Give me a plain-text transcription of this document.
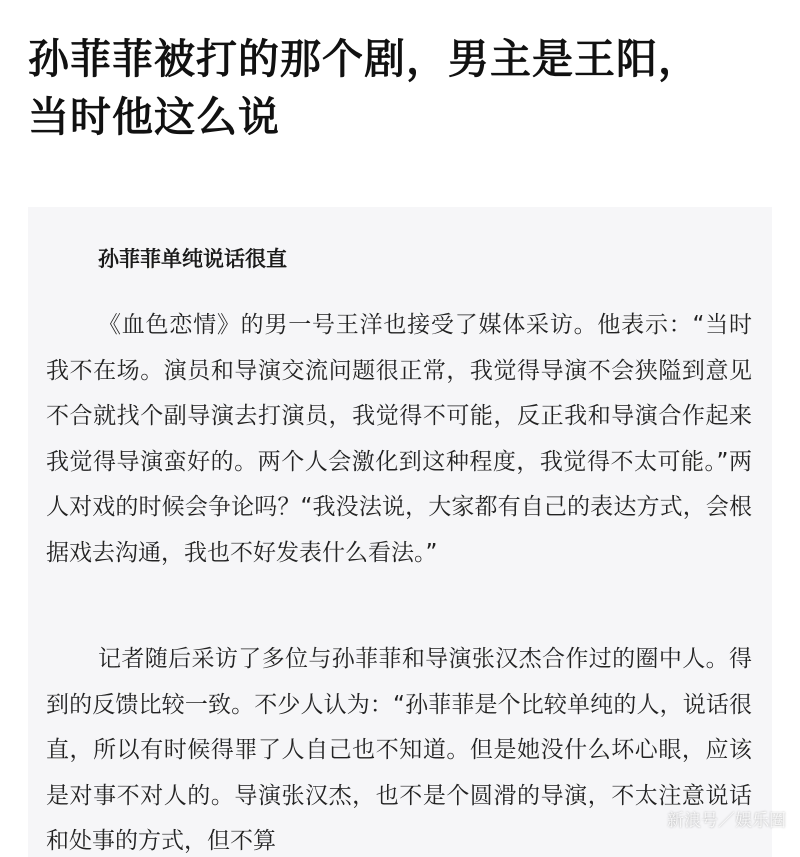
孙菲菲被打的那个剧，男主是王阳，当时他这么说
孙菲菲单纯说话很直

《血色恋情》的男一号王洋也接受了媒体采访。他表示：“当时我不在场。演员和导演交流问题很正常，我觉得导演不会狭隘到意见不合就找个副导演去打演员，我觉得不可能，反正我和导演合作起来我觉得导演蛮好的。两个人会激化到这种程度，我觉得不太可能。”两人对戏的时候会争论吗？“我没法说，大家都有自己的表达方式，会根据戏去沟通，我也不好发表什么看法。”

记者随后采访了多位与孙菲菲和导演张汉杰合作过的圈中人。得到的反馈比较一致。不少人认为：“孙菲菲是个比较单纯的人，说话很直，所以有时候得罪了人自己也不知道。但是她没什么坏心眼，应该是对事不对人的。导演张汉杰，也不是个圆滑的导演，不太注意说话和处事的方式，但不算

新浪号／娱乐圈
